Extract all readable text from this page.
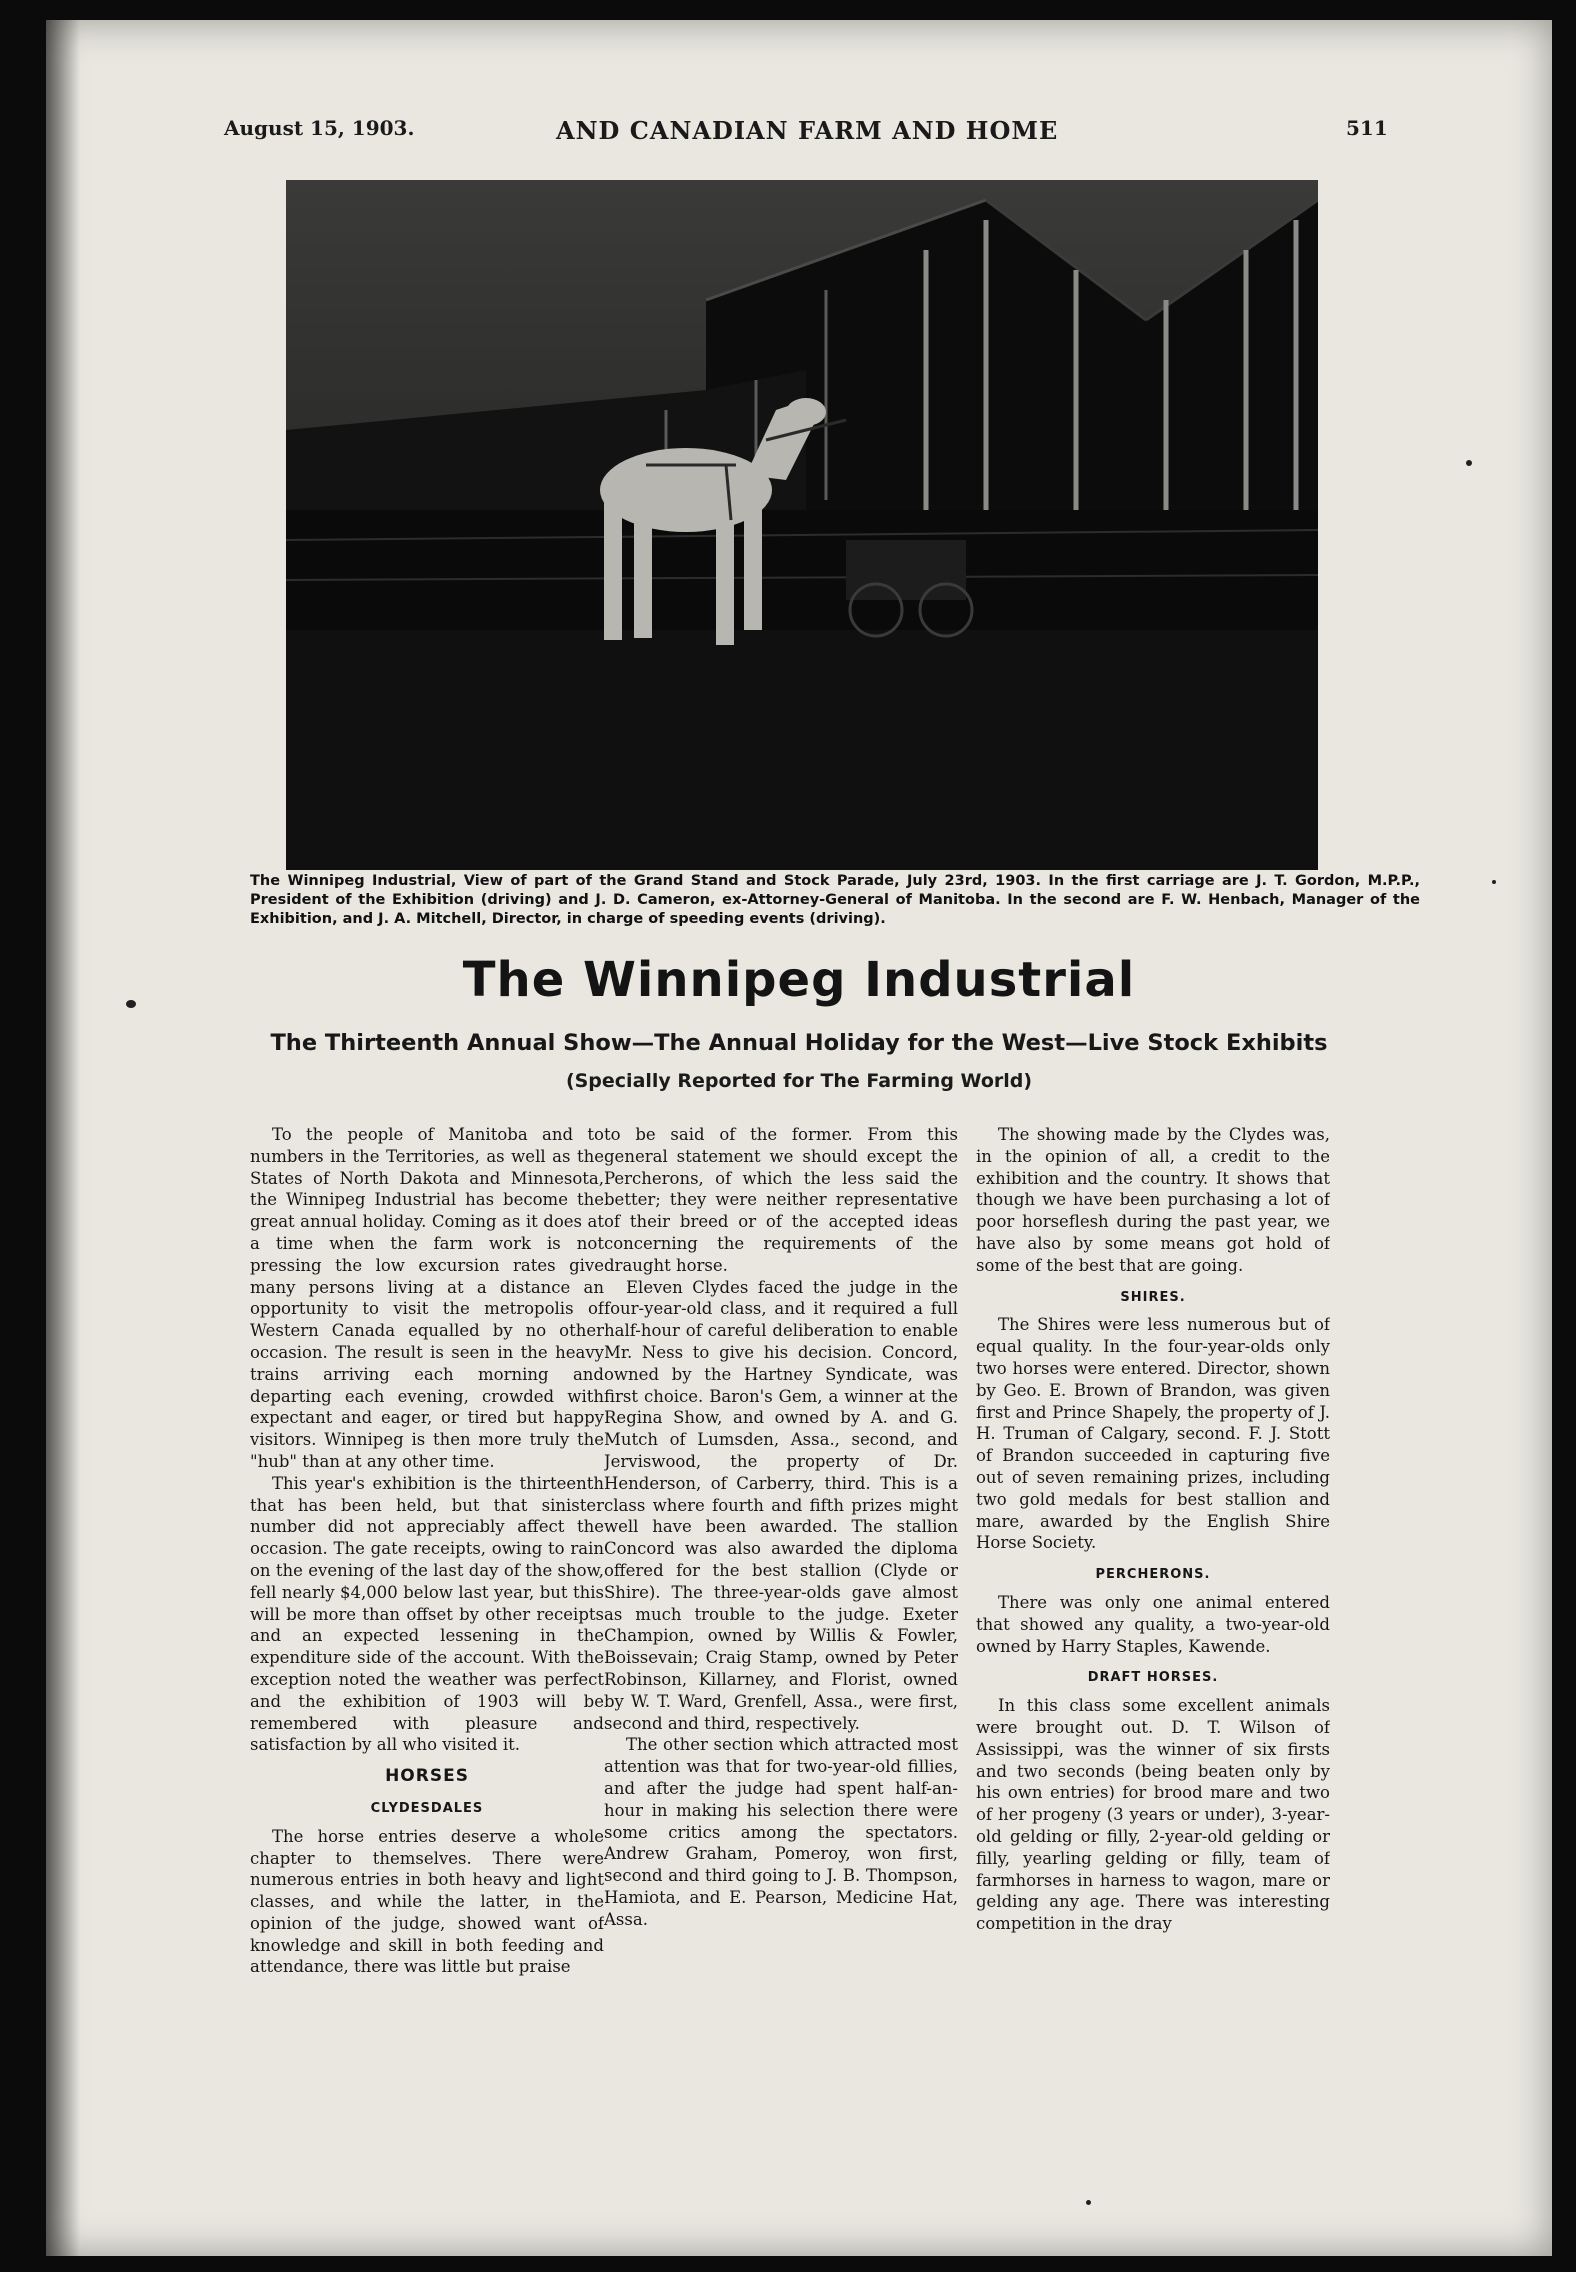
August 15, 1903.	AND CANADIAN FARM AND HOME	511
The Winnipeg Industrial, View of part of the Grand Stand and Stock Parade, July 23rd, 1903. In the first carriage are J. T. Gordon, M.P.P., President of the Exhibition (driving) and J. D. Cameron, ex-Attorney-General of Manitoba. In the second are F. W. Henbach, Manager of the Exhibition, and J. A. Mitchell, Director, in charge of speeding events (driving).
The Winnipeg Industrial
The Thirteenth Annual Show—The Annual Holiday for the West—Live Stock Exhibits
(Specially Reported for The Farming World)

To the people of Manitoba and to numbers in the Territories, as well as the States of North Dakota and Minnesota, the Winnipeg Industrial has become the great annual holiday. Coming as it does at a time when the farm work is not pressing the low excursion rates give many persons living at a distance an opportunity to visit the metropolis of Western Canada equalled by no other occasion. The result is seen in the heavy trains arriving each morning and departing each evening, crowded with expectant and eager, or tired but happy visitors. Winnipeg is then more truly the "hub" than at any other time.

This year's exhibition is the thirteenth that has been held, but that sinister number did not appreciably affect the occasion. The gate receipts, owing to rain on the evening of the last day of the show, fell nearly $4,000 below last year, but this will be more than offset by other receipts and an expected lessening in the expenditure side of the account. With the exception noted the weather was perfect and the exhibition of 1903 will be remembered with pleasure and satisfaction by all who visited it.

HORSES

CLYDESDALES

The horse entries deserve a whole chapter to themselves. There were numerous entries in both heavy and light classes, and while the latter, in the opinion of the judge, showed want of knowledge and skill in both feeding and attendance, there was little but praise

to be said of the former. From this general statement we should except the Percherons, of which the less said the better; they were neither representative of their breed or of the accepted ideas concerning the requirements of the draught horse.

Eleven Clydes faced the judge in the four-year-old class, and it required a full half-hour of careful deliberation to enable Mr. Ness to give his decision. Concord, owned by the Hartney Syndicate, was first choice. Baron's Gem, a winner at the Regina Show, and owned by A. and G. Mutch of Lumsden, Assa., second, and Jerviswood, the property of Dr. Henderson, of Carberry, third. This is a class where fourth and fifth prizes might well have been awarded. The stallion Concord was also awarded the diploma offered for the best stallion (Clyde or Shire). The three-year-olds gave almost as much trouble to the judge. Exeter Champion, owned by Willis & Fowler, Boissevain; Craig Stamp, owned by Peter Robinson, Killarney, and Florist, owned by W. T. Ward, Grenfell, Assa., were first, second and third, respectively.

The other section which attracted most attention was that for two-year-old fillies, and after the judge had spent half-an-hour in making his selection there were some critics among the spectators. Andrew Graham, Pomeroy, won first, second and third going to J. B. Thompson, Hamiota, and E. Pearson, Medicine Hat, Assa.

The showing made by the Clydes was, in the opinion of all, a credit to the exhibition and the country. It shows that though we have been purchasing a lot of poor horseflesh during the past year, we have also by some means got hold of some of the best that are going.

SHIRES.

The Shires were less numerous but of equal quality. In the four-year-olds only two horses were entered. Director, shown by Geo. E. Brown of Brandon, was given first and Prince Shapely, the property of J. H. Truman of Calgary, second. F. J. Stott of Brandon succeeded in capturing five out of seven remaining prizes, including two gold medals for best stallion and mare, awarded by the English Shire Horse Society.

PERCHERONS.

There was only one animal entered that showed any quality, a two-year-old owned by Harry Staples, Kawende.

DRAFT HORSES.

In this class some excellent animals were brought out. D. T. Wilson of Assissippi, was the winner of six firsts and two seconds (being beaten only by his own entries) for brood mare and two of her progeny (3 years or under), 3-year-old gelding or filly, 2-year-old gelding or filly, yearling gelding or filly, team of farmhorses in harness to wagon, mare or gelding any age. There was interesting competition in the dray
